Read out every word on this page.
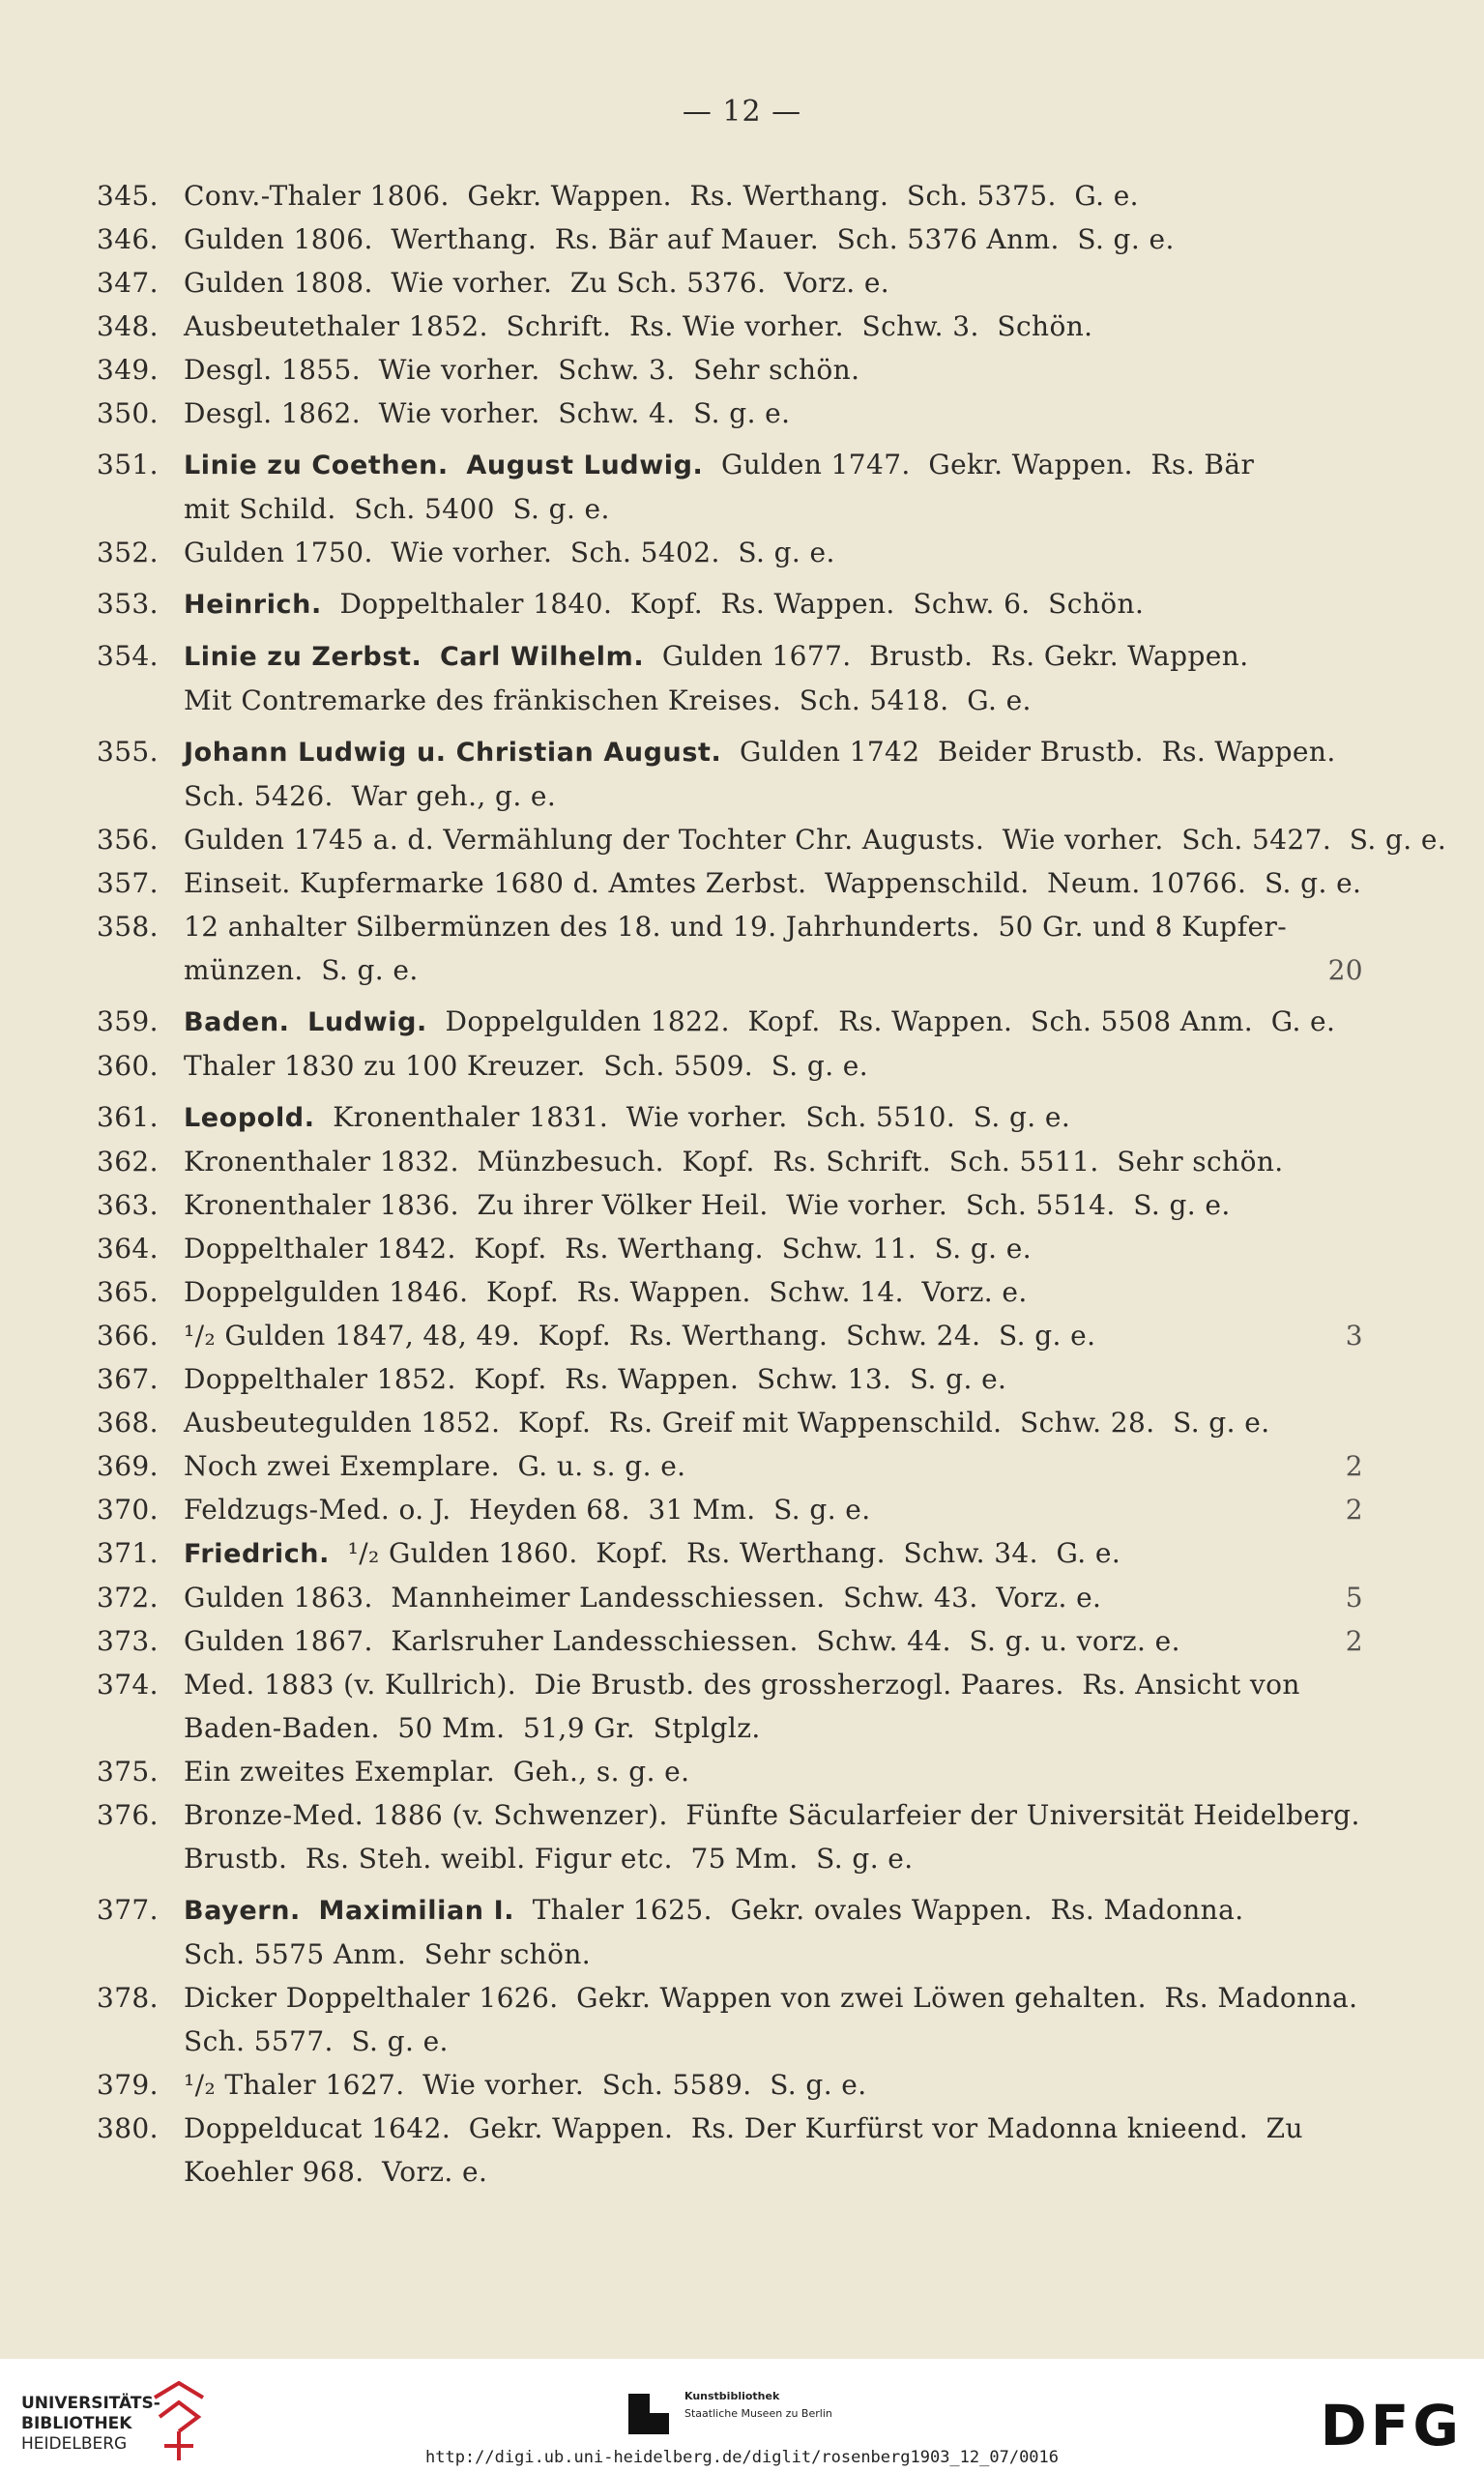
— 12 —
345. Conv.-Thaler 1806.  Gekr. Wappen.  Rs. Werthang.  Sch. 5375.  G. e.
346. Gulden 1806.  Werthang.  Rs. Bär auf Mauer.  Sch. 5376 Anm.  S. g. e.
347. Gulden 1808.  Wie vorher.  Zu Sch. 5376.  Vorz. e.
348. Ausbeutethaler 1852.  Schrift.  Rs. Wie vorher.  Schw. 3.  Schön.
349. Desgl. 1855.  Wie vorher.  Schw. 3.  Sehr schön.
350. Desgl. 1862.  Wie vorher.  Schw. 4.  S. g. e.
351. Linie zu Coethen. August Ludwig.  Gulden 1747.  Gekr. Wappen.  Rs. Bär
mit Schild.  Sch. 5400  S. g. e.
352. Gulden 1750.  Wie vorher.  Sch. 5402.  S. g. e.
353. Heinrich.  Doppelthaler 1840.  Kopf.  Rs. Wappen.  Schw. 6.  Schön.
354. Linie zu Zerbst. Carl Wilhelm.  Gulden 1677.  Brustb.  Rs. Gekr. Wappen.
Mit Contremarke des fränkischen Kreises.  Sch. 5418.  G. e.
355. Johann Ludwig u. Christian August.  Gulden 1742  Beider Brustb.  Rs. Wappen.
Sch. 5426.  War geh., g. e.
356. Gulden 1745 a. d. Vermählung der Tochter Chr. Augusts.  Wie vorher.  Sch. 5427.  S. g. e.
357. Einseit. Kupfermarke 1680 d. Amtes Zerbst.  Wappenschild.  Neum. 10766.  S. g. e.
358. 12 anhalter Silbermünzen des 18. und 19. Jahrhunderts.  50 Gr. und 8 Kupfer-
münzen.  S. g. e.	20
359. Baden. Ludwig.  Doppelgulden 1822.  Kopf.  Rs. Wappen.  Sch. 5508 Anm.  G. e.
360. Thaler 1830 zu 100 Kreuzer.  Sch. 5509.  S. g. e.
361. Leopold.  Kronenthaler 1831.  Wie vorher.  Sch. 5510.  S. g. e.
362. Kronenthaler 1832.  Münzbesuch.  Kopf.  Rs. Schrift.  Sch. 5511.  Sehr schön.
363. Kronenthaler 1836.  Zu ihrer Völker Heil.  Wie vorher.  Sch. 5514.  S. g. e.
364. Doppelthaler 1842.  Kopf.  Rs. Werthang.  Schw. 11.  S. g. e.
365. Doppelgulden 1846.  Kopf.  Rs. Wappen.  Schw. 14.  Vorz. e.
366. ¹/₂ Gulden 1847, 48, 49.  Kopf.  Rs. Werthang.  Schw. 24.  S. g. e.	3
367. Doppelthaler 1852.  Kopf.  Rs. Wappen.  Schw. 13.  S. g. e.
368. Ausbeutegulden 1852.  Kopf.  Rs. Greif mit Wappenschild.  Schw. 28.  S. g. e.
369. Noch zwei Exemplare.  G. u. s. g. e.	2
370. Feldzugs-Med. o. J.  Heyden 68.  31 Mm.  S. g. e.	2
371. Friedrich.  ¹/₂ Gulden 1860.  Kopf.  Rs. Werthang.  Schw. 34.  G. e.
372. Gulden 1863.  Mannheimer Landesschiessen.  Schw. 43.  Vorz. e.	5
373. Gulden 1867.  Karlsruher Landesschiessen.  Schw. 44.  S. g. u. vorz. e.	2
374. Med. 1883 (v. Kullrich).  Die Brustb. des grossherzogl. Paares.  Rs. Ansicht von
Baden-Baden.  50 Mm.  51,9 Gr.  Stplglz.
375. Ein zweites Exemplar.  Geh., s. g. e.
376. Bronze-Med. 1886 (v. Schwenzer).  Fünfte Säcularfeier der Universität Heidelberg.
Brustb.  Rs. Steh. weibl. Figur etc.  75 Mm.  S. g. e.
377. Bayern. Maximilian I.  Thaler 1625.  Gekr. ovales Wappen.  Rs. Madonna.
Sch. 5575 Anm.  Sehr schön.
378. Dicker Doppelthaler 1626.  Gekr. Wappen von zwei Löwen gehalten.  Rs. Madonna.
Sch. 5577.  S. g. e.
379. ¹/₂ Thaler 1627.  Wie vorher.  Sch. 5589.  S. g. e.
380. Doppelducat 1642.  Gekr. Wappen.  Rs. Der Kurfürst vor Madonna knieend.  Zu
Koehler 968.  Vorz. e.
UNIVERSITÄTS-
BIBLIOTHEK
HEIDELBERG
Kunstbibliothek
Staatliche Museen zu Berlin	DFG
http://digi.ub.uni-heidelberg.de/diglit/rosenberg1903_12_07/0016
